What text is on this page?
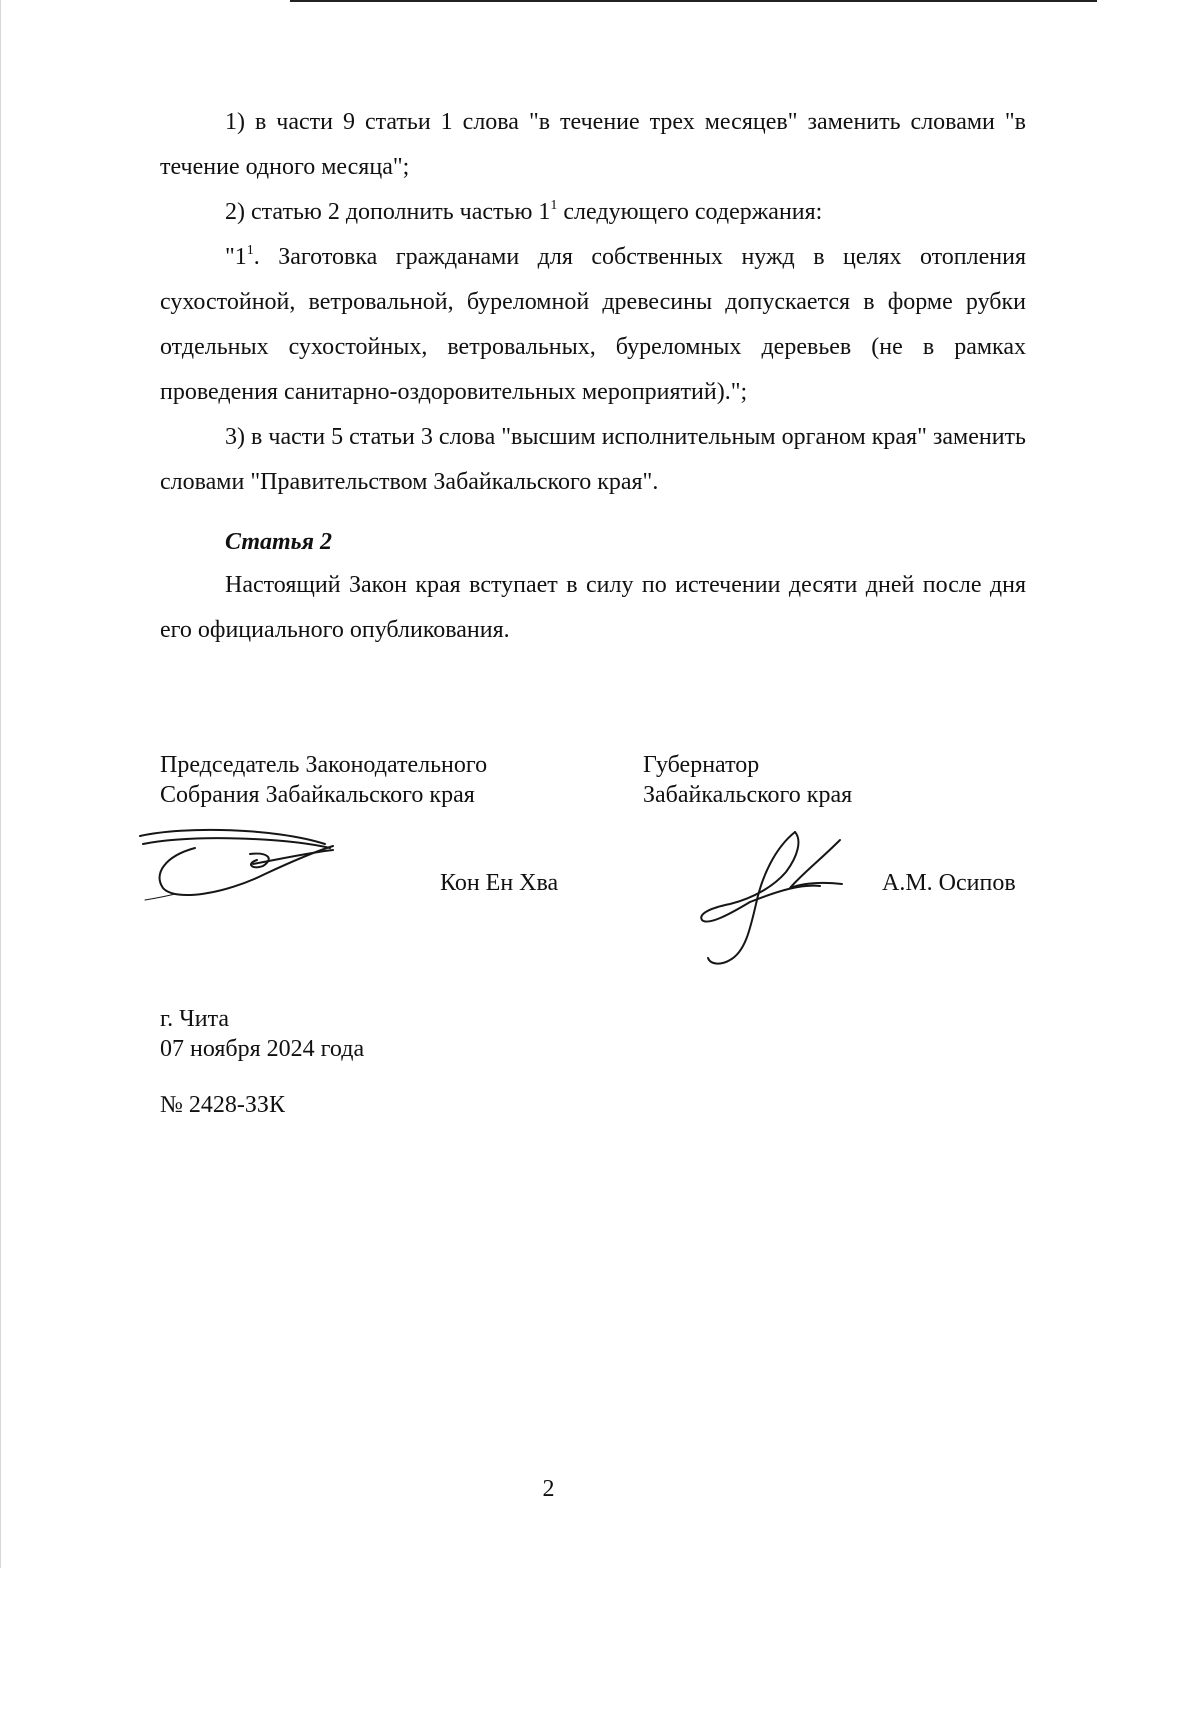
1) в части 9 статьи 1 слова "в течение трех месяцев" заменить словами "в течение одного месяца";

2) статью 2 дополнить частью $1^1$ следующего содержания:

"$1^1$. Заготовка гражданами для собственных нужд в целях отопления сухостойной, ветровальной, буреломной древесины допускается в форме рубки отдельных сухостойных, ветровальных, буреломных деревьев (не в рамках проведения санитарно-оздоровительных мероприятий).";

3) в части 5 статьи 3 слова "высшим исполнительным органом края" заменить словами "Правительством Забайкальского края".

Статья 2

Настоящий Закон края вступает в силу по истечении десяти дней после дня его официального опубликования.

Председатель Законодательного
Собрания Забайкальского края
Губернатор
Забайкальского края
Кон Ен Хва	А.М. Осипов
г. Чита
07 ноября 2024 года
№ 2428-ЗЗК
2
